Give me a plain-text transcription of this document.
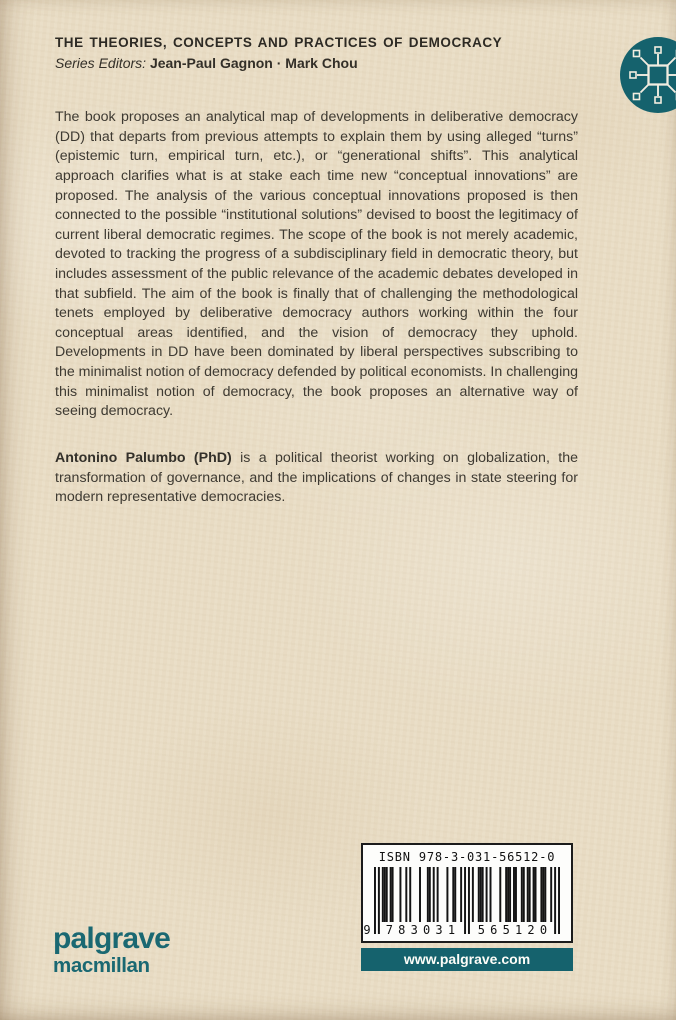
THE THEORIES, CONCEPTS AND PRACTICES OF DEMOCRACY
Series Editors: Jean-Paul Gagnon · Mark Chou

The book proposes an analytical map of developments in deliberative democracy (DD) that departs from previous attempts to explain them by using alleged “turns” (epistemic turn, empirical turn, etc.), or “generational shifts”. This analytical approach clarifies what is at stake each time new “conceptual innovations” are proposed. The analysis of the various conceptual innovations proposed is then connected to the possible “institutional solutions” devised to boost the legitimacy of current liberal democratic regimes. The scope of the book is not merely academic, devoted to tracking the progress of a subdisciplinary field in democratic theory, but includes assessment of the public relevance of the academic debates developed in that subfield. The aim of the book is finally that of challenging the methodological tenets employed by deliberative democracy authors working within the four conceptual areas identified, and the vision of democracy they uphold. Developments in DD have been dominated by liberal perspectives subscribing to the minimalist notion of democracy defended by political economists. In challenging this minimalist notion of democracy, the book proposes an alternative way of seeing democracy.

Antonino Palumbo (PhD) is a political theorist working on globalization, the transformation of governance, and the implications of changes in state steering for modern representative democracies.

palgrave
macmillan
ISBN 978-3-031-56512-0
9	783031	565120
www.palgrave.com
